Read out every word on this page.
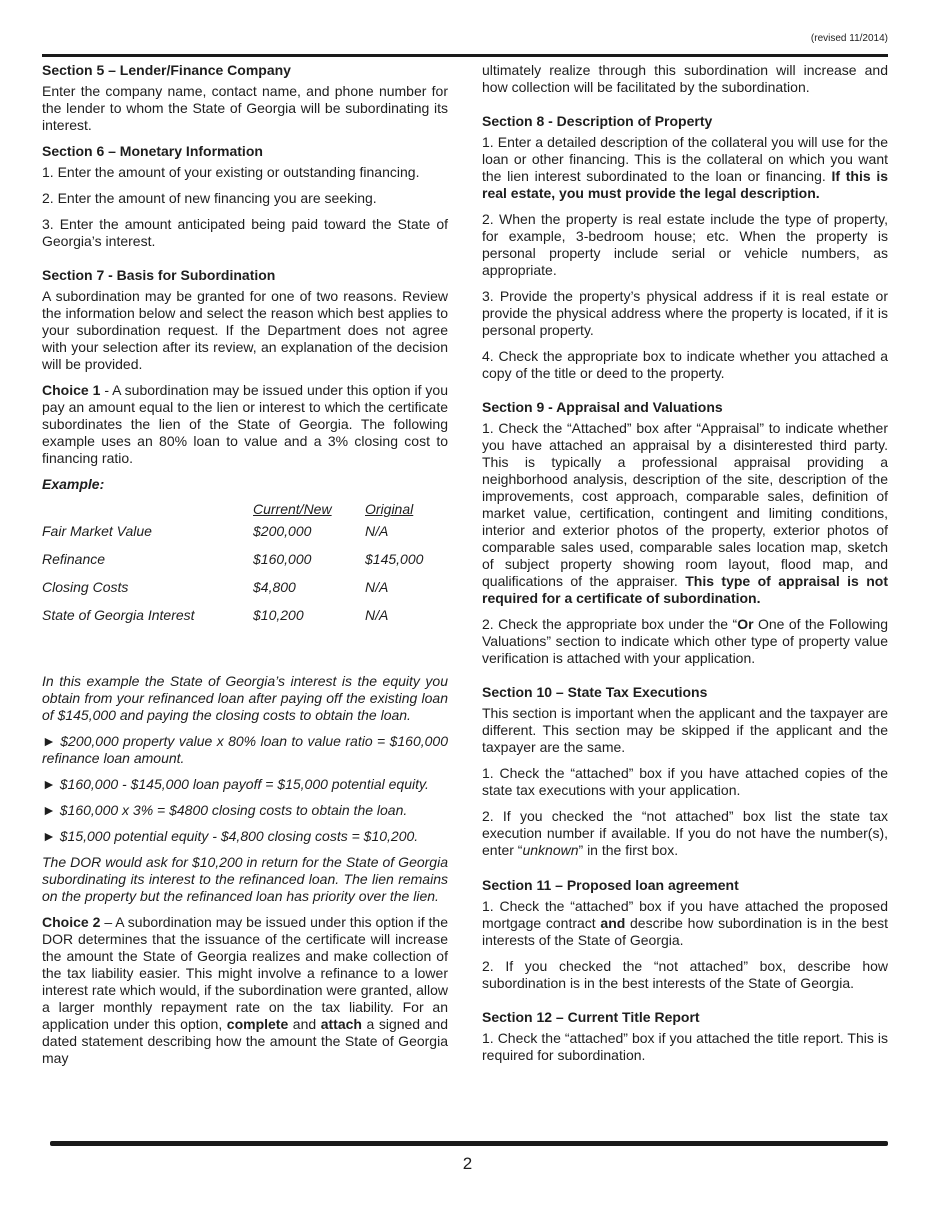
(revised 11/2014)
Section 5 – Lender/Finance Company

Enter the company name, contact name, and phone number for the lender to whom the State of Georgia will be subordinating its interest.

Section 6 – Monetary Information

1. Enter the amount of your existing or outstanding financing.

2. Enter the amount of new financing you are seeking.

3. Enter the amount anticipated being paid toward the State of Georgia’s interest.

Section 7 - Basis for Subordination

A subordination may be granted for one of two reasons. Review the information below and select the reason which best applies to your subordination request. If the Department does not agree with your selection after its review, an explanation of the decision will be provided.

Choice 1 - A subordination may be issued under this option if you pay an amount equal to the lien or interest to which the certificate subordinates the lien of the State of Georgia. The following example uses an 80% loan to value and a 3% closing cost to financing ratio.

Example:

	Current/New	Original
Fair Market Value	$200,000	N/A
Refinance	$160,000	$145,000
Closing Costs	$4,800	N/A
State of Georgia Interest	$10,200	N/A

In this example the State of Georgia’s interest is the equity you obtain from your refinanced loan after paying off the existing loan of $145,000 and paying the closing costs to obtain the loan.

► $200,000 property value x 80% loan to value ratio = $160,000 refinance loan amount.

► $160,000 - $145,000 loan payoff = $15,000 potential equity.

► $160,000 x 3% = $4800 closing costs to obtain the loan.

► $15,000 potential equity - $4,800 closing costs = $10,200.

The DOR would ask for $10,200 in return for the State of Georgia subordinating its interest to the refinanced loan. The lien remains on the property but the refinanced loan has priority over the lien.

Choice 2 – A subordination may be issued under this option if the DOR determines that the issuance of the certificate will increase the amount the State of Georgia realizes and make collection of the tax liability easier. This might involve a refinance to a lower interest rate which would, if the subordination were granted, allow a larger monthly repayment rate on the tax liability. For an application under this option, complete and attach a signed and dated statement describing how the amount the State of Georgia may

ultimately realize through this subordination will increase and how collection will be facilitated by the subordination.

Section 8 - Description of Property

1. Enter a detailed description of the collateral you will use for the loan or other financing. This is the collateral on which you want the lien interest subordinated to the loan or financing. If this is real estate, you must provide the legal description.

2. When the property is real estate include the type of property, for example, 3-bedroom house; etc. When the property is personal property include serial or vehicle numbers, as appropriate.

3. Provide the property’s physical address if it is real estate or provide the physical address where the property is located, if it is personal property.

4. Check the appropriate box to indicate whether you attached a copy of the title or deed to the property.

Section 9 - Appraisal and Valuations

1. Check the “Attached” box after “Appraisal” to indicate whether you have attached an appraisal by a disinterested third party. This is typically a professional appraisal providing a neighborhood analysis, description of the site, description of the improvements, cost approach, comparable sales, definition of market value, certification, contingent and limiting conditions, interior and exterior photos of the property, exterior photos of comparable sales used, comparable sales location map, sketch of subject property showing room layout, flood map, and qualifications of the appraiser. This type of appraisal is not required for a certificate of subordination.

2. Check the appropriate box under the “Or One of the Following Valuations” section to indicate which other type of property value verification is attached with your application.

Section 10 – State Tax Executions

This section is important when the applicant and the taxpayer are different. This section may be skipped if the applicant and the taxpayer are the same.

1. Check the “attached” box if you have attached copies of the state tax executions with your application.

2. If you checked the “not attached” box list the state tax execution number if available. If you do not have the number(s), enter “unknown” in the first box.

Section 11 – Proposed loan agreement

1. Check the “attached” box if you have attached the proposed mortgage contract and describe how subordination is in the best interests of the State of Georgia.

2. If you checked the “not attached” box, describe how subordination is in the best interests of the State of Georgia.

Section 12 – Current Title Report

1. Check the “attached” box if you attached the title report. This is required for subordination.

2
